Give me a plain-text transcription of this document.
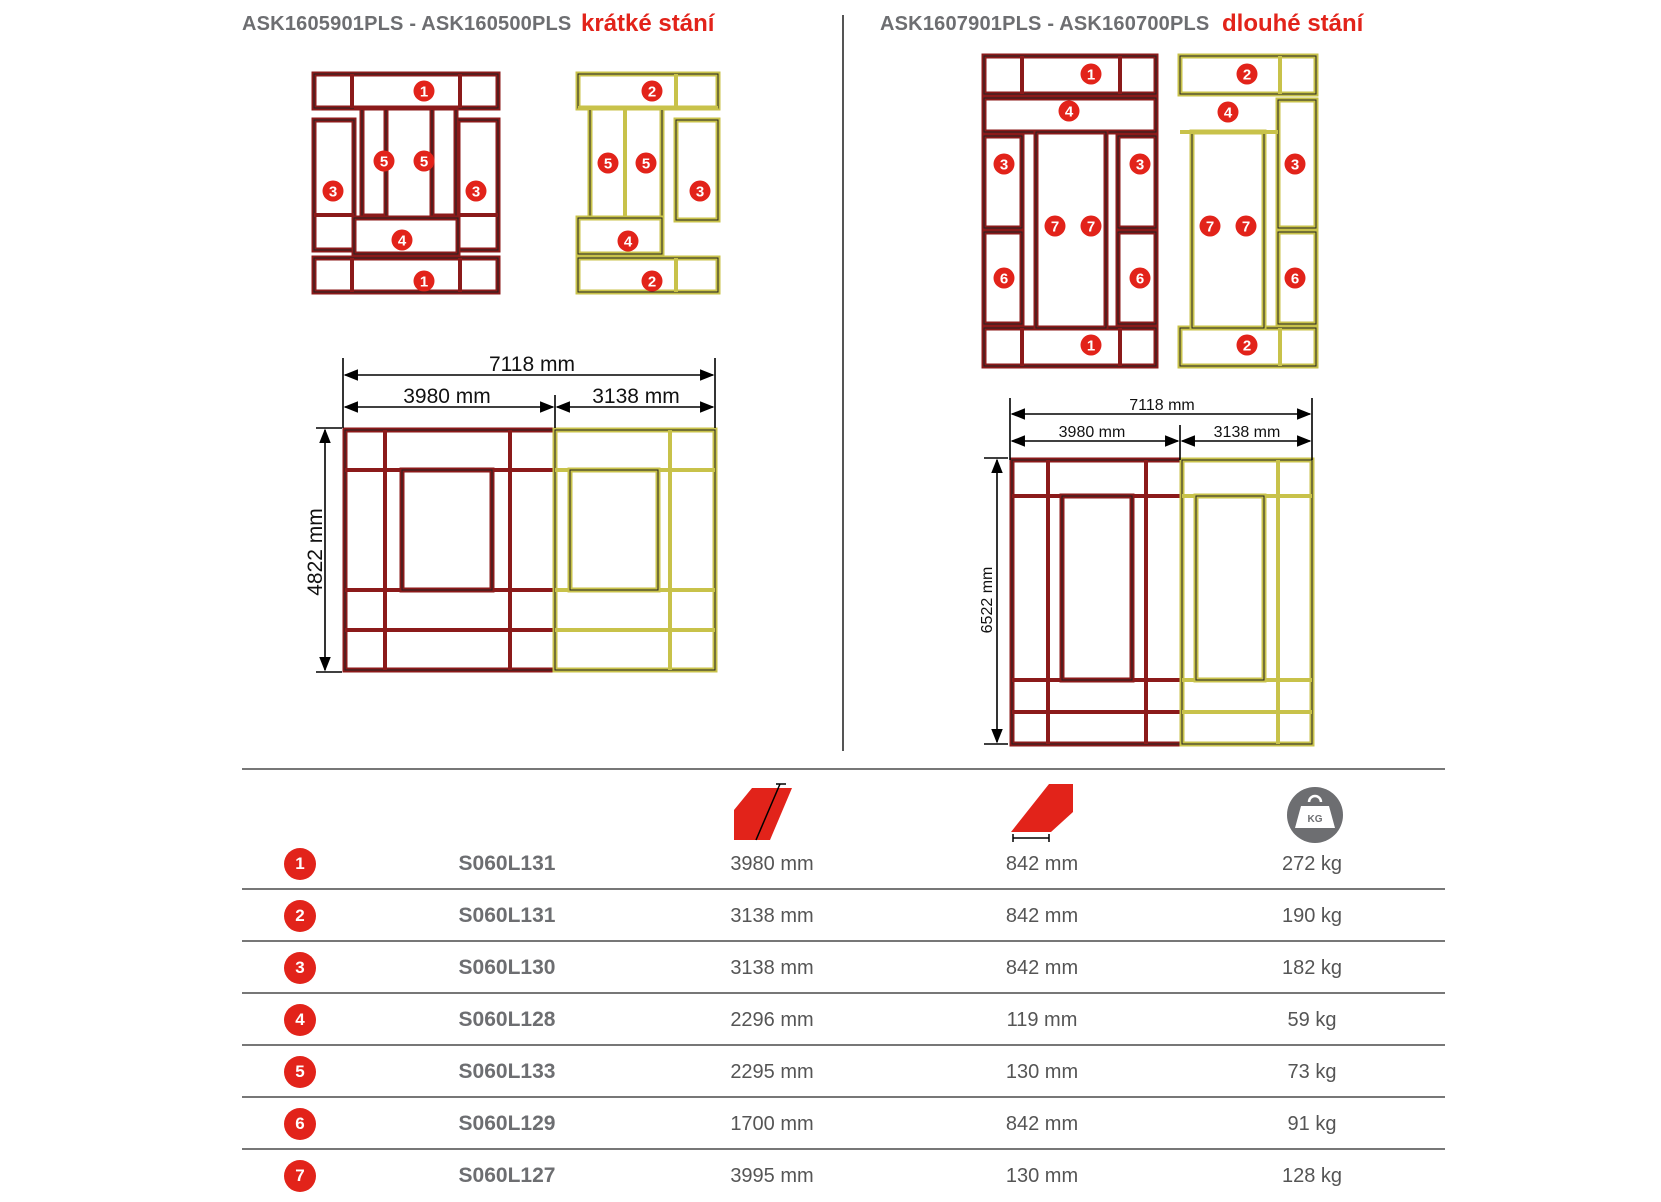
ASK1605901PLS - ASK160500PLS krátké stání	ASK1607901PLS - ASK160700PLS dlouhé stání
1
1
5 5
3	3
4
2
2
5 5
3
4
1
1
4
3	3
7 7
6	6
2
2
4
3
7 7
6
7118 mm
3980 mm	3138 mm
4822 mm
7118 mm
3980 mm	3138 mm
6522 mm
KG
1	S060L131	3980 mm	842 mm	272 kg
2	S060L131	3138 mm	842 mm	190 kg
3	S060L130	3138 mm	842 mm	182 kg
4	S060L128	2296 mm	119 mm	59 kg
5	S060L133	2295 mm	130 mm	73 kg
6	S060L129	1700 mm	842 mm	91 kg
7	S060L127	3995 mm	130 mm	128 kg
